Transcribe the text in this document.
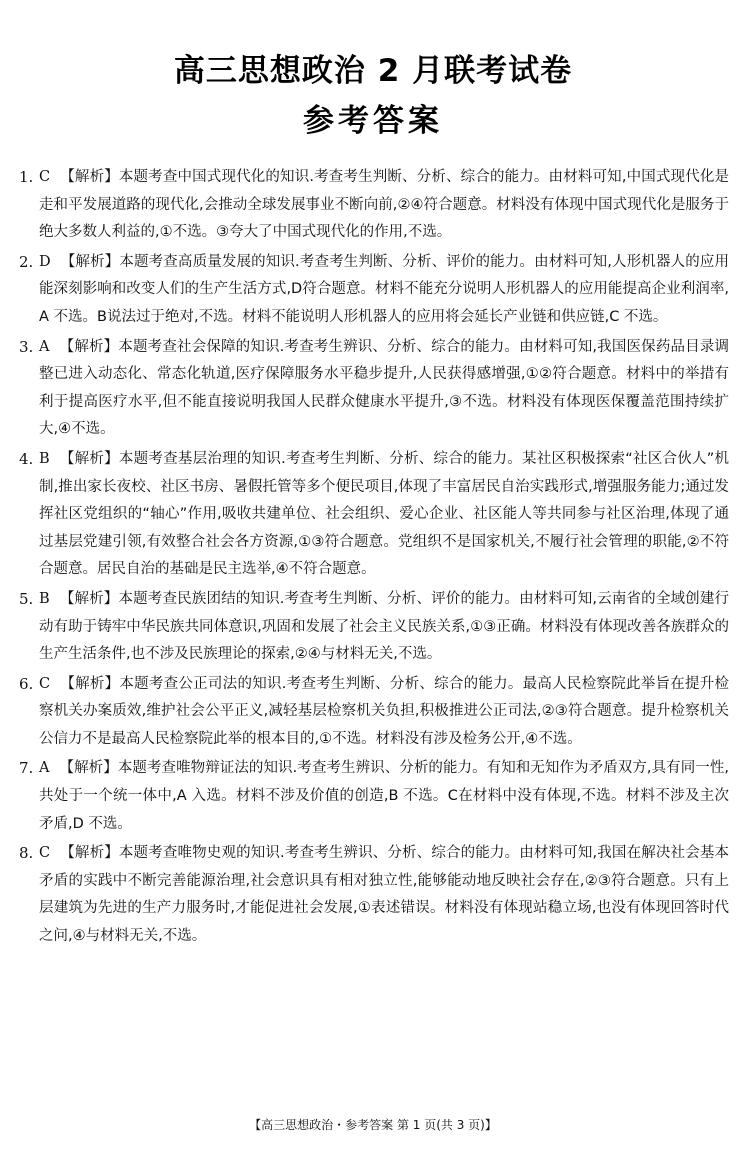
高三思想政治 2 月联考试卷
参考答案
1. C 【解析】本题考查中国式现代化的知识.考查考生判断、分析、综合的能力。由材料可知,中国式现代化是走和平发展道路的现代化,会推动全球发展事业不断向前,②④符合题意。材料没有体现中国式现代化是服务于绝大多数人利益的,①不选。③夸大了中国式现代化的作用,不选。
2. D 【解析】本题考查高质量发展的知识.考查考生判断、分析、评价的能力。由材料可知,人形机器人的应用能深刻影响和改变人们的生产生活方式,D符合题意。材料不能充分说明人形机器人的应用能提高企业利润率,A 不选。B说法过于绝对,不选。材料不能说明人形机器人的应用将会延长产业链和供应链,C 不选。
3. A 【解析】本题考查社会保障的知识.考查考生辨识、分析、综合的能力。由材料可知,我国医保药品目录调整已进入动态化、常态化轨道,医疗保障服务水平稳步提升,人民获得感增强,①②符合题意。材料中的举措有利于提高医疗水平,但不能直接说明我国人民群众健康水平提升,③不选。材料没有体现医保覆盖范围持续扩大,④不选。
4. B 【解析】本题考查基层治理的知识.考查考生判断、分析、综合的能力。某社区积极探索“社区合伙人”机制,推出家长夜校、社区书房、暑假托管等多个便民项目,体现了丰富居民自治实践形式,增强服务能力;通过发挥社区党组织的“轴心”作用,吸收共建单位、社会组织、爱心企业、社区能人等共同参与社区治理,体现了通过基层党建引领,有效整合社会各方资源,①③符合题意。党组织不是国家机关,不履行社会管理的职能,②不符合题意。居民自治的基础是民主选举,④不符合题意。
5. B 【解析】本题考查民族团结的知识.考查考生判断、分析、评价的能力。由材料可知,云南省的全域创建行动有助于铸牢中华民族共同体意识,巩固和发展了社会主义民族关系,①③正确。材料没有体现改善各族群众的生产生活条件,也不涉及民族理论的探索,②④与材料无关,不选。
6. C 【解析】本题考查公正司法的知识.考查考生判断、分析、综合的能力。最高人民检察院此举旨在提升检察机关办案质效,维护社会公平正义,减轻基层检察机关负担,积极推进公正司法,②③符合题意。提升检察机关公信力不是最高人民检察院此举的根本目的,①不选。材料没有涉及检务公开,④不选。
7. A 【解析】本题考查唯物辩证法的知识.考查考生辨识、分析的能力。有知和无知作为矛盾双方,具有同一性,共处于一个统一体中,A 入选。材料不涉及价值的创造,B 不选。C在材料中没有体现,不选。材料不涉及主次矛盾,D 不选。
8. C 【解析】本题考查唯物史观的知识.考查考生辨识、分析、综合的能力。由材料可知,我国在解决社会基本矛盾的实践中不断完善能源治理,社会意识具有相对独立性,能够能动地反映社会存在,②③符合题意。只有上层建筑为先进的生产力服务时,才能促进社会发展,①表述错误。材料没有体现站稳立场,也没有体现回答时代之问,④与材料无关,不选。
【高三思想政治・参考答案 第 1 页(共 3 页)】
